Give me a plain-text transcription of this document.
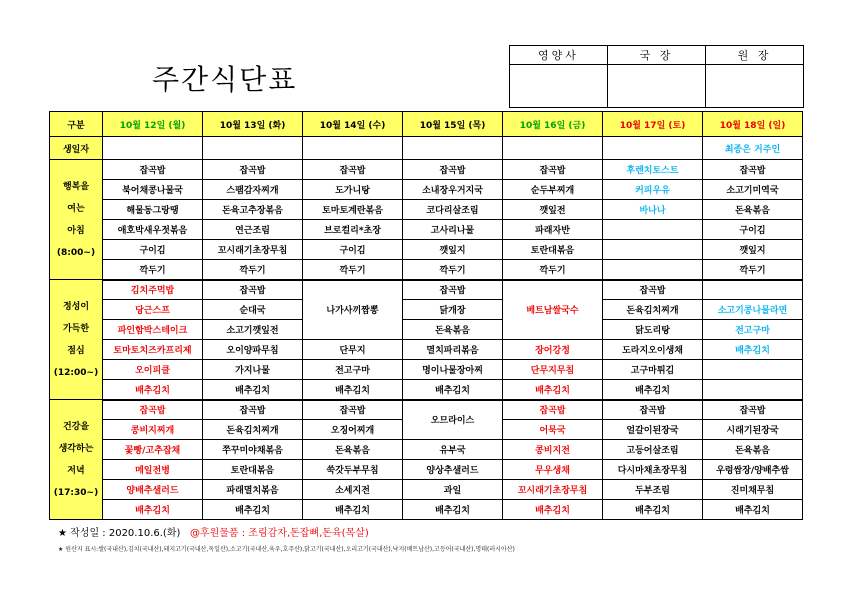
주간식단표
영양사	국 장	원 장

구분	10월 12일 (월)	10월 13일 (화)	10월 14일 (수)	10월 15일 (목)	10월 16일 (금)	10월 17일 (토)	10월 18일 (일)
생일자							최종은 거주인

행복을
여는
아침
(8:00~)	잡곡밥	잡곡밥	잡곡밥	잡곡밥	잡곡밥	후렌치토스트	잡곡밥
	북어채콩나물국	스팸감자찌개	도가니탕	소내장우거지국	순두부찌개	커피우유	소고기미역국
	해물동그랑땡	돈육고추장볶음	토마토계란볶음	코다리살조림	깻잎전	바나나	돈육볶음
	애호박새우젓볶음	연근조림	브로컬리*초장	고사리나물	파래자반		구이김
	구이김	꼬시래기초장무침	구이김	깻잎지	토란대볶음		깻잎지
	깍두기	깍두기	깍두기	깍두기	깍두기		깍두기

정성이
가득한
점심
(12:00~)	김치주먹밥	잡곡밥	나가사끼짬뽕	잡곡밥	베트남쌀국수	잡곡밥	
	당근스프	순대국		닭개장		돈육김치찌개	소고기콩나물라면
	파인함박스테이크	소고기깻잎전		돈육볶음		닭도리탕	전고구마
	토마토치즈카프리제	오이양파무침	단무지	멸치파리볶음	장어강정	도라지오이생채	배추김치
	오이피클	가지나물	전고구마	명이나물장아찌	단무지무침	고구마튀김	
	배추김치	배추김치	배추김치	배추김치	배추김치	배추김치	

건강을
생각하는
저녁
(17:30~)	잡곡밥	잡곡밥	잡곡밥	오므라이스	잡곡밥	잡곡밥	잡곡밥
	콩비지찌개	돈육김치찌개	오징어찌개		어묵국	얼갈이된장국	시래기된장국
	꽃빵/고추잡채	쭈꾸미야채볶음	돈육볶음	유부국	콩비지전	고등어살조림	돈육볶음
	메일전병	토란대볶음	쑥갓두부무침	양상추샐러드	무우생채	다시마채초장무침	우렁쌈장/양배추쌈
	양배추샐러드	파래멸치볶음	소세지전	과일	꼬시래기초장무침	두부조림	진미채무침
	배추김치	배추김치	배추김치	배추김치	배추김치	배추김치	배추김치
★ 작성일 : 2020.10.6.(화) @후원물품 : 조림감자,돈잡뼈,돈육(목살)
★ 원산지 표시:쌀(국내산),김치(국내산),돼지고기(국내산,독일산),소고기(국내산,육우,호주산),닭고기(국내산),오리고기(국내산),낙지(베트남산),고등어(국내산),명태(러시아산)
